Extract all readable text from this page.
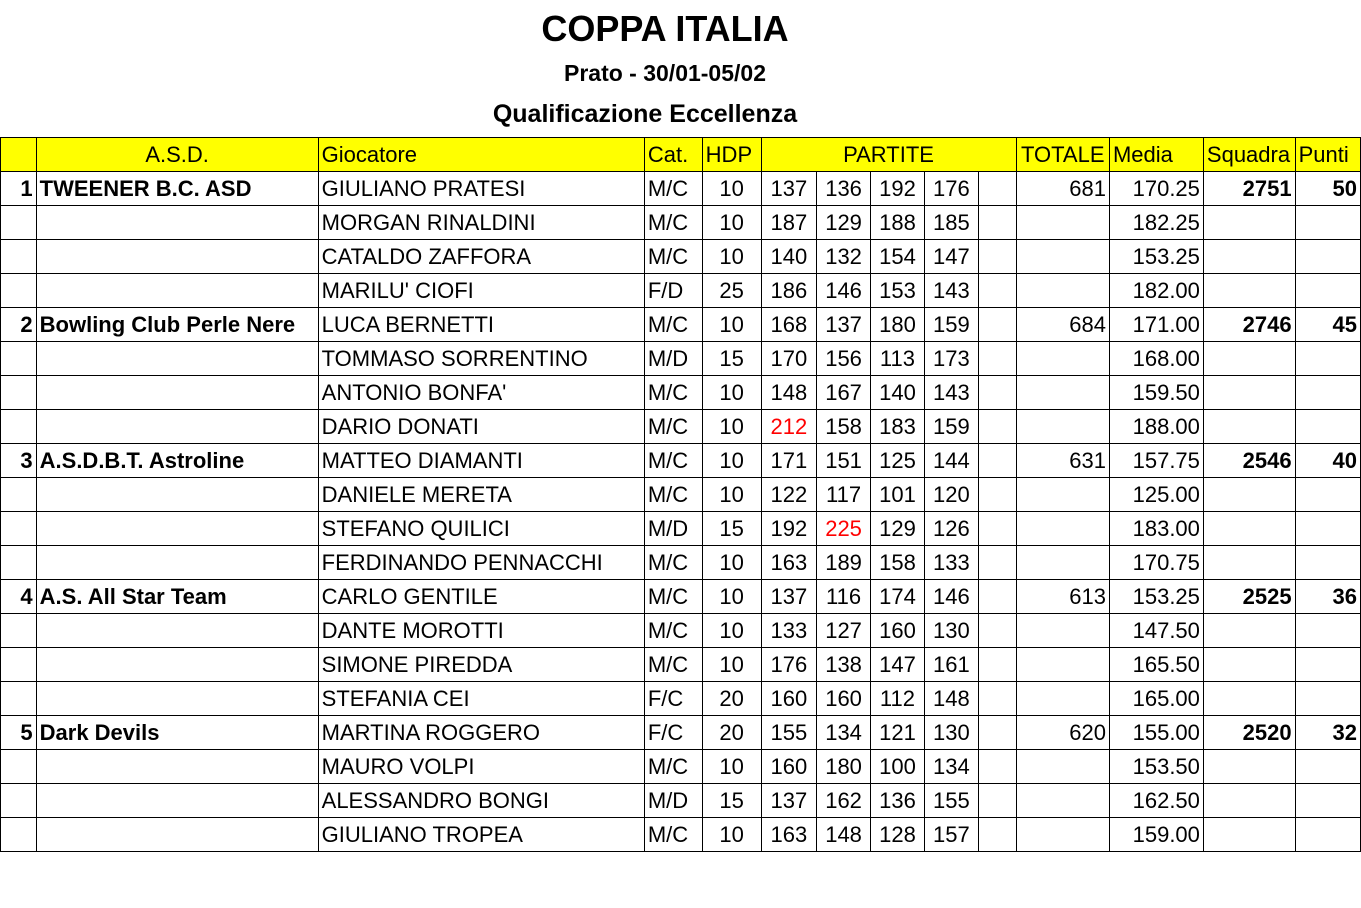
COPPA ITALIA
Prato - 30/01-05/02
Qualificazione Eccellenza
	A.S.D.	Giocatore	Cat.	HDP	PARTITE					TOTALE	Media	Squadra	Punti
1	TWEENER B.C. ASD	GIULIANO PRATESI	M/C	10	137	136	192	176		681	170.25	2751	50
		MORGAN RINALDINI	M/C	10	187	129	188	185			182.25		
		CATALDO ZAFFORA	M/C	10	140	132	154	147			153.25		
		MARILU' CIOFI	F/D	25	186	146	153	143			182.00		
2	Bowling Club Perle Nere	LUCA BERNETTI	M/C	10	168	137	180	159		684	171.00	2746	45
		TOMMASO SORRENTINO	M/D	15	170	156	113	173			168.00		
		ANTONIO BONFA'	M/C	10	148	167	140	143			159.50		
		DARIO DONATI	M/C	10	212	158	183	159			188.00		
3	A.S.D.B.T. Astroline	MATTEO DIAMANTI	M/C	10	171	151	125	144		631	157.75	2546	40
		DANIELE MERETA	M/C	10	122	117	101	120			125.00		
		STEFANO QUILICI	M/D	15	192	225	129	126			183.00		
		FERDINANDO PENNACCHI	M/C	10	163	189	158	133			170.75		
4	A.S. All Star Team	CARLO GENTILE	M/C	10	137	116	174	146		613	153.25	2525	36
		DANTE MOROTTI	M/C	10	133	127	160	130			147.50		
		SIMONE PIREDDA	M/C	10	176	138	147	161			165.50		
		STEFANIA CEI	F/C	20	160	160	112	148			165.00		
5	Dark Devils	MARTINA ROGGERO	F/C	20	155	134	121	130		620	155.00	2520	32
		MAURO VOLPI	M/C	10	160	180	100	134			153.50		
		ALESSANDRO BONGI	M/D	15	137	162	136	155			162.50		
		GIULIANO TROPEA	M/C	10	163	148	128	157			159.00		
